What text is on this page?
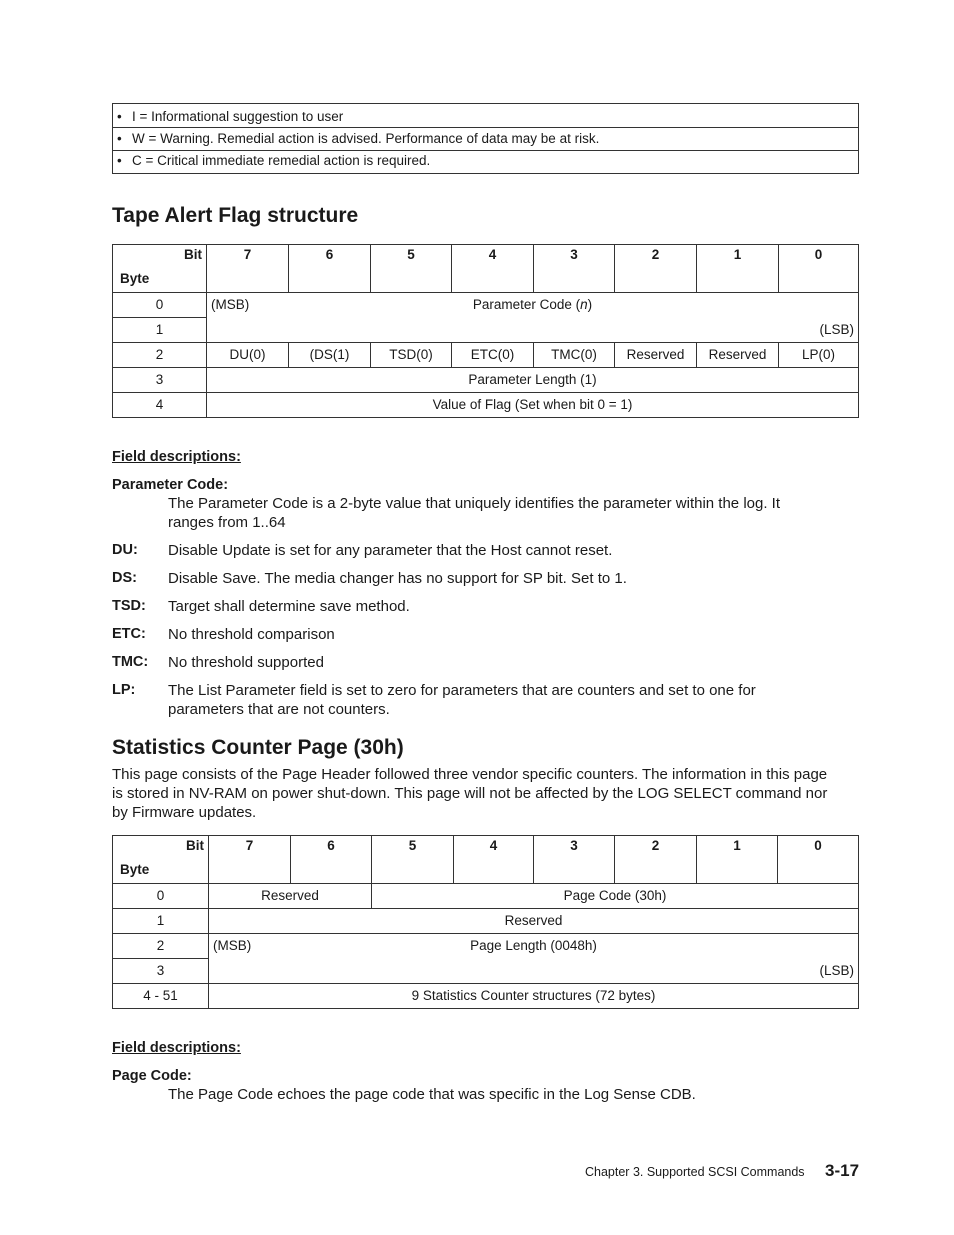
• I = Informational suggestion to user
• W = Warning. Remedial action is advised. Performance of data may be at risk.
• C = Critical immediate remedial action is required.
Tape Alert Flag structure
Bit
Byte	7	6	5	4	3	2	1	0
0	(MSB) Parameter Code (n)							
1	(LSB)							

2	DU(0)	(DS(1)	TSD(0)	ETC(0)	TMC(0)	Reserved	Reserved	LP(0)
3	Parameter Length (1)							
4	Value of Flag (Set when bit 0 = 1)							
Field descriptions:
Parameter Code:
The Parameter Code is a 2-byte value that uniquely identifies the parameter within the log. It ranges from 1..64
DU: Disable Update is set for any parameter that the Host cannot reset.
DS: Disable Save. The media changer has no support for SP bit. Set to 1.
TSD: Target shall determine save method.
ETC: No threshold comparison
TMC: No threshold supported
LP: The List Parameter field is set to zero for parameters that are counters and set to one for parameters that are not counters.
Statistics Counter Page (30h)
This page consists of the Page Header followed three vendor specific counters. The information in this page is stored in NV-RAM on power shut-down. This page will not be affected by the LOG SELECT command nor by Firmware updates.
Bit
Byte	7	6	5	4	3	2	1	0
0	Reserved		Page Code (30h)					
1	Reserved							
2	(MSB) Page Length (0048h)							
3	(LSB)							

4 - 51	9 Statistics Counter structures (72 bytes)							
Field descriptions:
Page Code:
The Page Code echoes the page code that was specific in the Log Sense CDB.
Chapter 3. Supported SCSI Commands 3-17
